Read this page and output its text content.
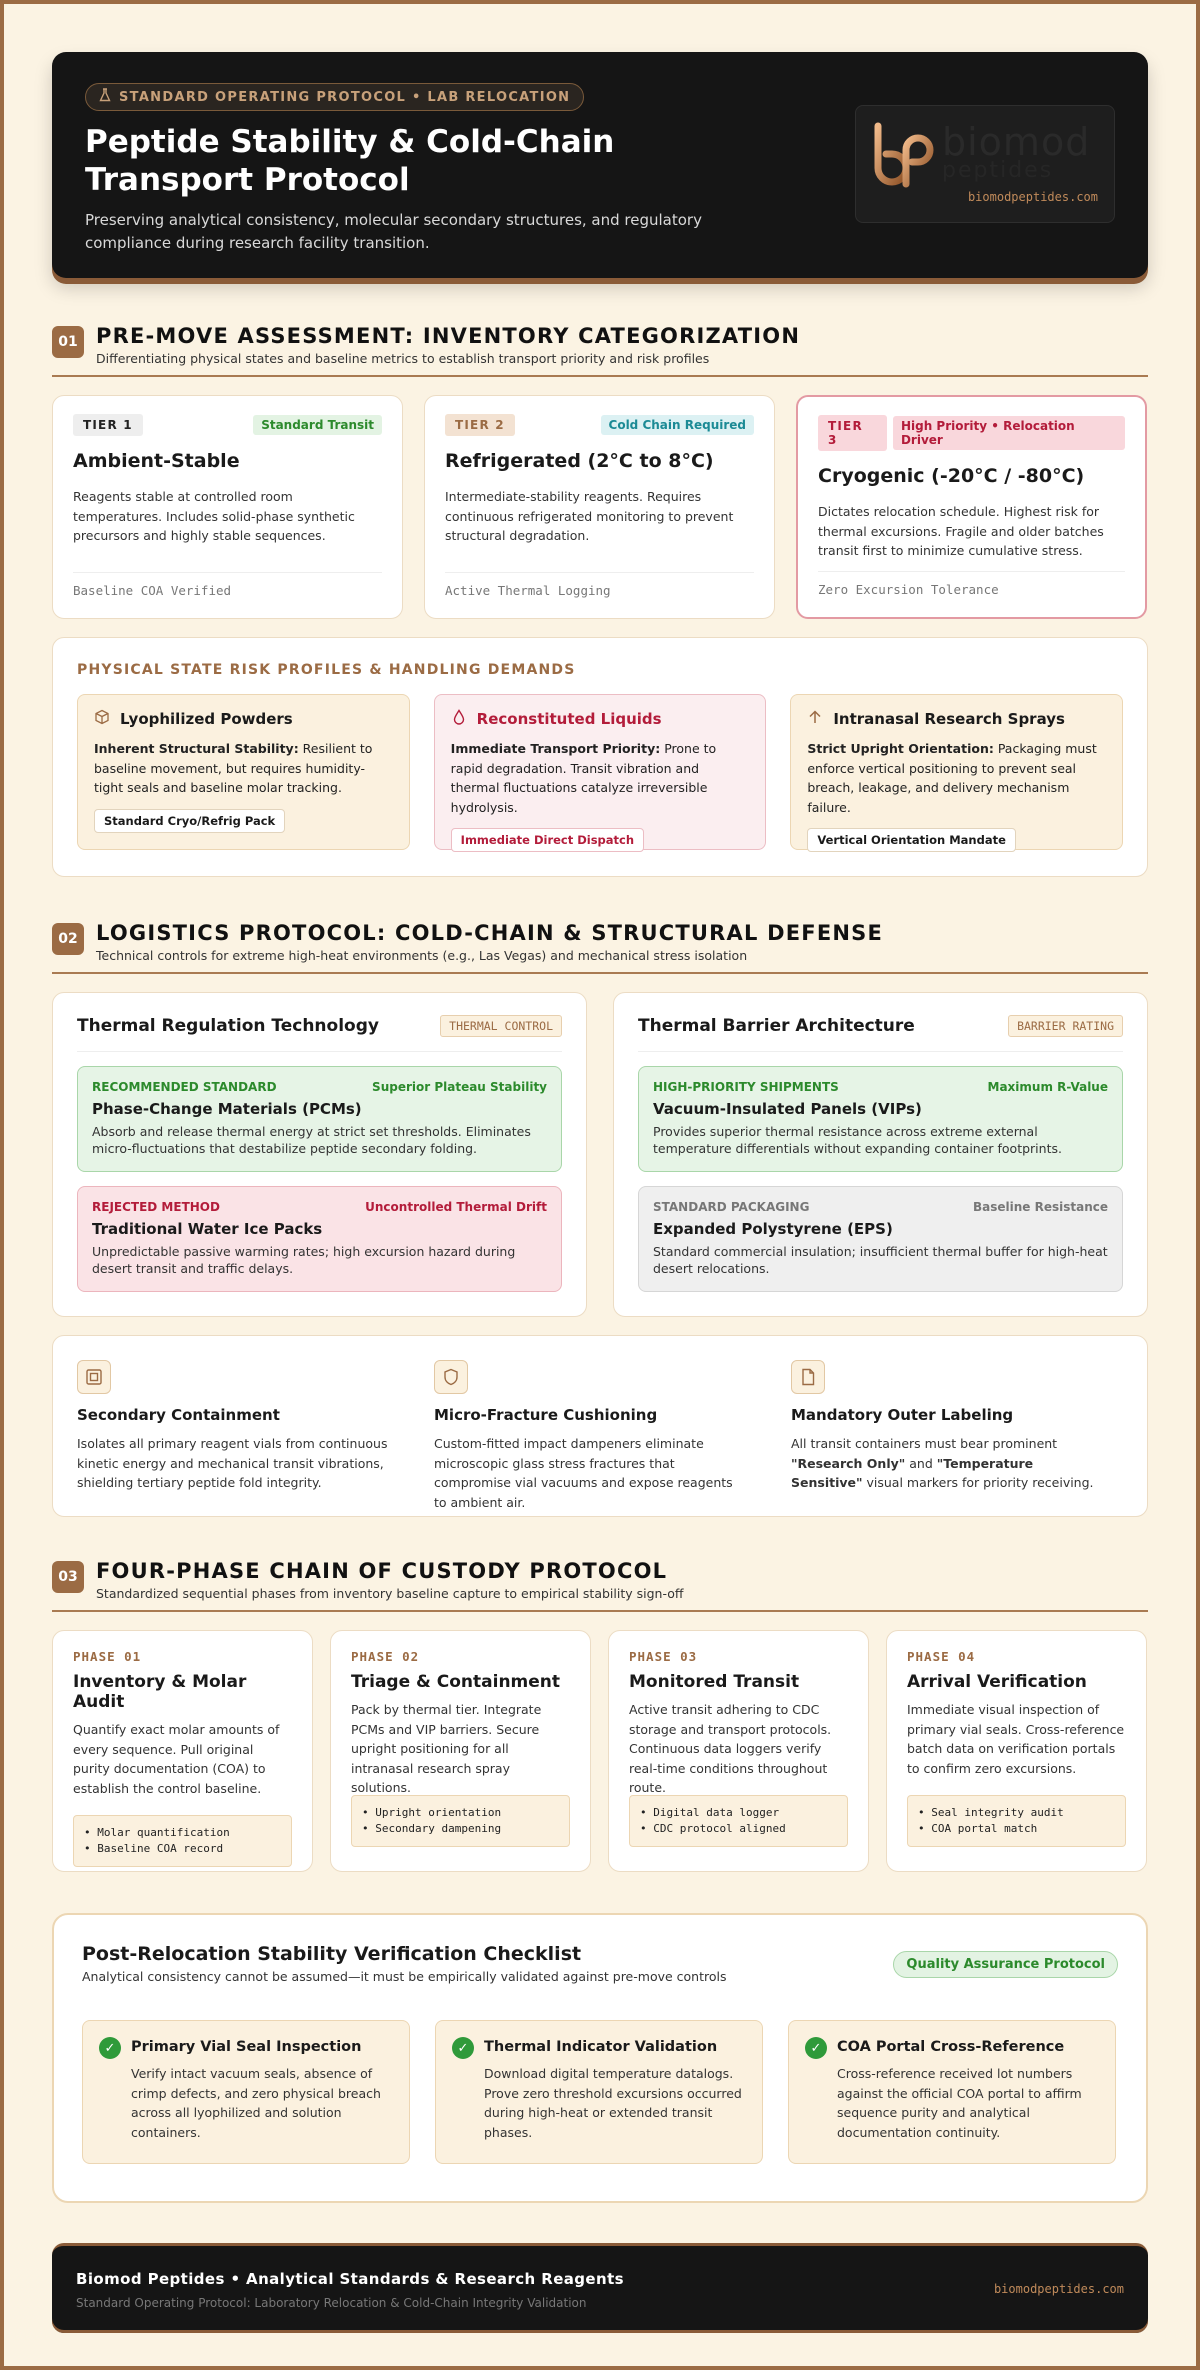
STANDARD OPERATING PROTOCOL • LAB RELOCATION
Peptide Stability & Cold-Chain Transport Protocol

Preserving analytical consistency, molecular secondary structures, and regulatory compliance during research facility transition.

biomod
peptides
biomodpeptides.com
01 PRE-MOVE ASSESSMENT: INVENTORY CATEGORIZATION
Differentiating physical states and baseline metrics to establish transport priority and risk profiles
TIER 1	Standard Transit
Ambient-Stable

Reagents stable at controlled room temperatures. Includes solid-phase synthetic precursors and highly stable sequences.

Baseline COA Verified
TIER 2	Cold Chain Required
Refrigerated (2°C to 8°C)

Intermediate-stability reagents. Requires continuous refrigerated monitoring to prevent structural degradation.

Active Thermal Logging
TIER 3
High Priority • Relocation Driver
Cryogenic (-20°C / -80°C)

Dictates relocation schedule. Highest risk for thermal excursions. Fragile and older batches transit first to minimize cumulative stress.

Zero Excursion Tolerance
PHYSICAL STATE RISK PROFILES & HANDLING DEMANDS
Lyophilized Powders
Inherent Structural Stability: Resilient to baseline movement, but requires humidity-tight seals and baseline molar tracking.
Standard Cryo/Refrig Pack
Reconstituted Liquids
Immediate Transport Priority: Prone to rapid degradation. Transit vibration and thermal fluctuations catalyze irreversible hydrolysis.
Immediate Direct Dispatch
Intranasal Research Sprays
Strict Upright Orientation: Packaging must enforce vertical positioning to prevent seal breach, leakage, and delivery mechanism failure.
Vertical Orientation Mandate
02 LOGISTICS PROTOCOL: COLD-CHAIN & STRUCTURAL DEFENSE
Technical controls for extreme high-heat environments (e.g., Las Vegas) and mechanical stress isolation
Thermal Regulation Technology	THERMAL CONTROL
RECOMMENDED STANDARD	Superior Plateau Stability
Phase-Change Materials (PCMs)

Absorb and release thermal energy at strict set thresholds. Eliminates micro-fluctuations that destabilize peptide secondary folding.

REJECTED METHOD	Uncontrolled Thermal Drift
Traditional Water Ice Packs

Unpredictable passive warming rates; high excursion hazard during desert transit and traffic delays.

Thermal Barrier Architecture	BARRIER RATING
HIGH-PRIORITY SHIPMENTS	Maximum R-Value
Vacuum-Insulated Panels (VIPs)

Provides superior thermal resistance across extreme external temperature differentials without expanding container footprints.

STANDARD PACKAGING	Baseline Resistance
Expanded Polystyrene (EPS)

Standard commercial insulation; insufficient thermal buffer for high-heat desert relocations.

Secondary Containment

Isolates all primary reagent vials from continuous kinetic energy and mechanical transit vibrations, shielding tertiary peptide fold integrity.

Micro-Fracture Cushioning

Custom-fitted impact dampeners eliminate microscopic glass stress fractures that compromise vial vacuums and expose reagents to ambient air.

Mandatory Outer Labeling

All transit containers must bear prominent "Research Only" and "Temperature Sensitive" visual markers for priority receiving.

03 FOUR-PHASE CHAIN OF CUSTODY PROTOCOL
Standardized sequential phases from inventory baseline capture to empirical stability sign-off
PHASE 01
Inventory & Molar Audit

Quantify exact molar amounts of every sequence. Pull original purity documentation (COA) to establish the control baseline.

• Molar quantification
• Baseline COA record
PHASE 02
Triage & Containment

Pack by thermal tier. Integrate PCMs and VIP barriers. Secure upright positioning for all intranasal research spray solutions.

• Upright orientation
• Secondary dampening
PHASE 03
Monitored Transit

Active transit adhering to CDC storage and transport protocols. Continuous data loggers verify real-time conditions throughout route.

• Digital data logger
• CDC protocol aligned
PHASE 04
Arrival Verification

Immediate visual inspection of primary vial seals. Cross-reference batch data on verification portals to confirm zero excursions.

• Seal integrity audit
• COA portal match
Post-Relocation Stability Verification Checklist
Analytical consistency cannot be assumed—it must be empirically validated against pre-move controls
Quality Assurance Protocol
✓	Primary Vial Seal Inspection

Verify intact vacuum seals, absence of crimp defects, and zero physical breach across all lyophilized and solution containers.

✓	Thermal Indicator Validation

Download digital temperature datalogs. Prove zero threshold excursions occurred during high-heat or extended transit phases.

✓	COA Portal Cross-Reference

Cross-reference received lot numbers against the official COA portal to affirm sequence purity and analytical documentation continuity.

Biomod Peptides • Analytical Standards & Research Reagents
Standard Operating Protocol: Laboratory Relocation & Cold-Chain Integrity Validation
biomodpeptides.com
